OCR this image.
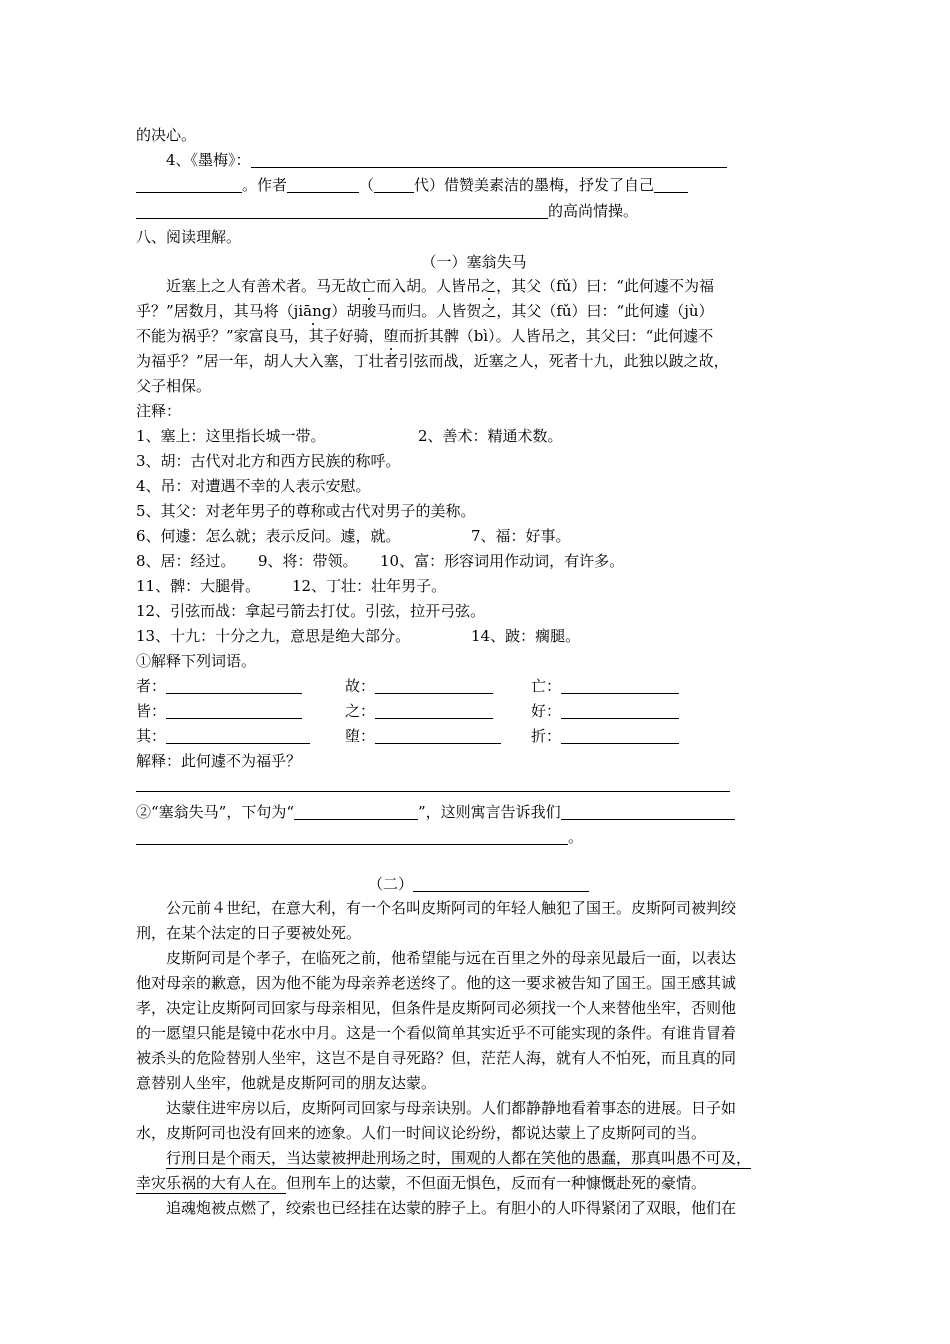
的决心。
4、《墨梅》：
。作者	（	代）借赞美素洁的墨梅，抒发了自己
的高尚情操。
八、阅读理解。
（一）塞翁失马
近塞上之人有善术者。马无故亡而入胡。人皆吊之，其父（fǔ）曰：“此何遽不为福
乎？”居数月，其马将（jiāng）胡骏马而归。人皆贺之，其父（fǔ）曰：“此何遽（jù）
不能为祸乎？”家富良马，其子好骑，堕而折其髀（bì）。人皆吊之，其父曰：“此何遽不
为福乎？”居一年，胡人大入塞，丁壮者引弦而战，近塞之人，死者十九，此独以跛之故，
父子相保。
注释：
1、塞上：这里指长城一带。	2、善术：精通术数。
3、胡：古代对北方和西方民族的称呼。
4、吊：对遭遇不幸的人表示安慰。
5、其父：对老年男子的尊称或古代对男子的美称。
6、何遽：怎么就；表示反问。遽，就。	7、福：好事。
8、居：经过。 9、将：带领。 10、富：形容词用作动词，有许多。
11、髀：大腿骨。 12、丁壮：壮年男子。
12、引弦而战：拿起弓箭去打仗。引弦，拉开弓弦。
13、十九：十分之九，意思是绝大部分。	14、跛：瘸腿。
①解释下列词语。
者：	故：	亡：
皆：	之：	好：
其：	堕：	折：
解释：此何遽不为福乎？
②“塞翁失马”，下句为“	”，这则寓言告诉我们
。
（二）
　　公元前４世纪，在意大利，有一个名叫皮斯阿司的年轻人触犯了国王。皮斯阿司被判绞
刑，在某个法定的日子要被处死。
　　皮斯阿司是个孝子，在临死之前，他希望能与远在百里之外的母亲见最后一面，以表达
他对母亲的歉意，因为他不能为母亲养老送终了。他的这一要求被告知了国王。国王感其诚
孝，决定让皮斯阿司回家与母亲相见，但条件是皮斯阿司必须找一个人来替他坐牢，否则他
的一愿望只能是镜中花水中月。这是一个看似简单其实近乎不可能实现的条件。有谁肯冒着
被杀头的危险替别人坐牢，这岂不是自寻死路？但，茫茫人海，就有人不怕死，而且真的同
意替别人坐牢，他就是皮斯阿司的朋友达蒙。
　　达蒙住进牢房以后，皮斯阿司回家与母亲诀别。人们都静静地看着事态的进展。日子如
水，皮斯阿司也没有回来的迹象。人们一时间议论纷纷，都说达蒙上了皮斯阿司的当。
行刑日是个雨天，当达蒙被押赴刑场之时，围观的人都在笑他的愚蠢，那真叫愚不可及，
幸灾乐祸的大有人在。但刑车上的达蒙，不但面无惧色，反而有一种慷慨赴死的豪情。
　　追魂炮被点燃了，绞索也已经挂在达蒙的脖子上。有胆小的人吓得紧闭了双眼，他们在
